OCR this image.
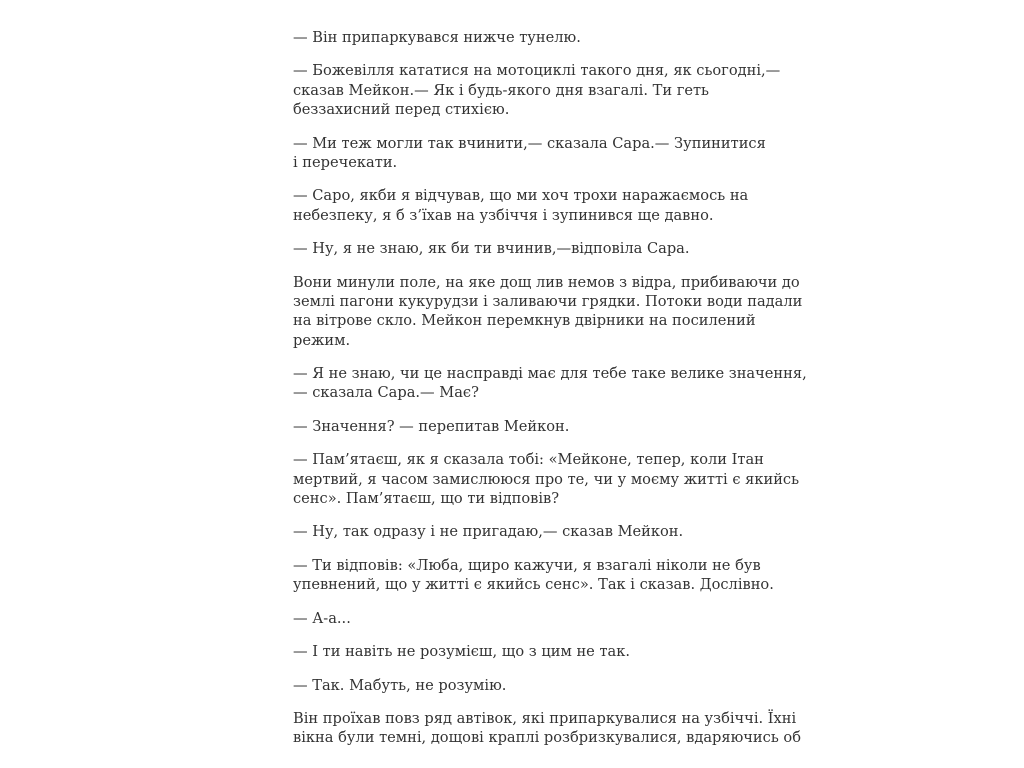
— Він припаркувався нижче тунелю.

— Божевілля кататися на мотоциклі такого дня, як сьогодні,—
сказав Мейкон.— Як і будь-якого дня взагалі. Ти геть
беззахисний перед стихією.

— Ми теж могли так вчинити,— сказала Сара.— Зупинитися
і перечекати.

— Саро, якби я відчував, що ми хоч трохи наражаємось на
небезпеку, я б з’їхав на узбіччя і зупинився ще давно.

— Ну, я не знаю, як би ти вчинив,—відповіла Сара.

Вони минули поле, на яке дощ лив немов з відра, прибиваючи до
землі пагони кукурудзи і заливаючи грядки. Потоки води падали
на вітрове скло. Мейкон перемкнув двірники на посилений
режим.

— Я не знаю, чи це насправді має для тебе таке велике значення,
— сказала Сара.— Має?

— Значення? — перепитав Мейкон.

— Пам’ятаєш, як я сказала тобі: «Мейконе, тепер, коли Ітан
мертвий, я часом замислююся про те, чи у моєму житті є якийсь
сенс». Пам’ятаєш, що ти відповів?

— Ну, так одразу і не пригадаю,— сказав Мейкон.

— Ти відповів: «Люба, щиро кажучи, я взагалі ніколи не був
упевнений, що у житті є якийсь сенс». Так і сказав. Дослівно.

— А-а...

— І ти навіть не розумієш, що з цим не так.

— Так. Мабуть, не розумію.

Він проїхав повз ряд автівок, які припаркувалися на узбіччі. Їхні
вікна були темні, дощові краплі розбризкувалися, вдаряючись об
